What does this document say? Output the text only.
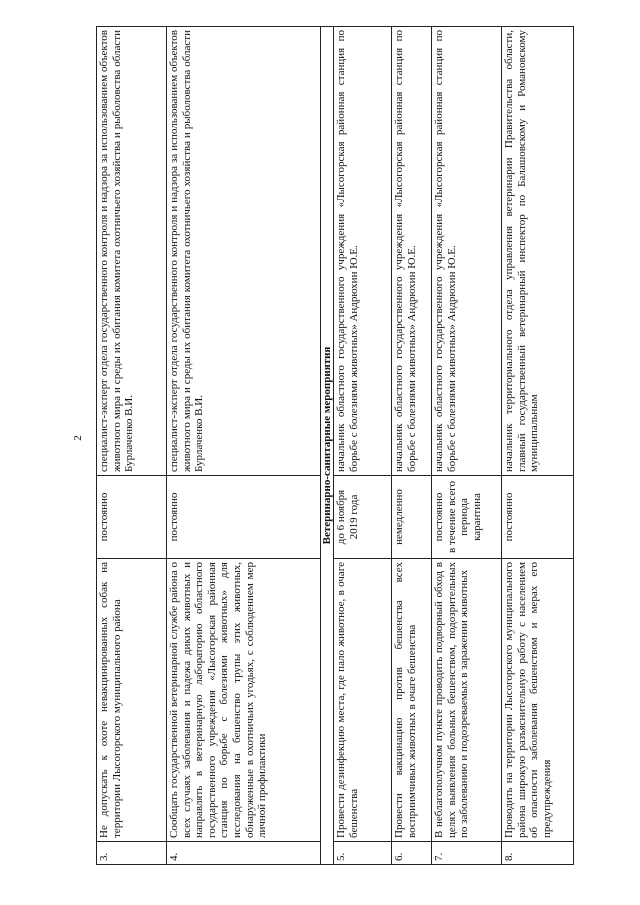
2
3.	Не допускать к охоте невакцинированных собак на территории Лысогорского муниципального района	постоянно	специалист-эксперт отдела государственного контроля и надзора за использованием объектов животного мира и среды их обитания комитета охотничьего хозяйства и рыболовства области Бурлаченко В.И.
4.	Сообщать государственной ветеринарной службе района о всех случаях заболевания и падежа диких животных и направлять в ветеринарную лабораторию областного государственного учреждения «Лысогорская районная станция по борьбе с болезнями животных» для исследования на бешенство трупы этих животных, обнаруженные в охотничьих угодьях, с соблюдением мер личной профилактики	постоянно	специалист-эксперт отдела государственного контроля и надзора за использованием объектов животного мира и среды их обитания комитета охотничьего хозяйства и рыболовства области Бурлаченко В.И.
Ветеринарно-санитарные мероприятия			
5.	Провести дезинфекцию места, где пало животное, в очаге бешенства	до 6 ноября 2019 года	начальник областного государственного учреждения «Лысогорская районная станция по борьбе с болезнями животных» Андрюхин Ю.Е.
6.	Провести вакцинацию против бешенства всех восприимчивых животных в очаге бешенства	немедленно	начальник областного государственного учреждения «Лысогорская районная станция по борьбе с болезнями животных» Андрюхин Ю.Е.
7.	В неблагополучном пункте проводить подворный обход в целях выявления больных бешенством, подозрительных по заболеванию и подозреваемых в заражении животных	постоянно в течение всего периода карантина	начальник областного государственного учреждения «Лысогорская районная станция по борьбе с болезнями животных» Андрюхин Ю.Е.
8.	Проводить на территории Лысогорского муниципального района широкую разъяснительную работу с населением об опасности заболевания бешенством и мерах его предупреждения	постоянно	начальник территориального отдела управления ветеринарии Правительства области, главный государственный ветеринарный инспектор по Балашовскому и Романовскому муниципальным
